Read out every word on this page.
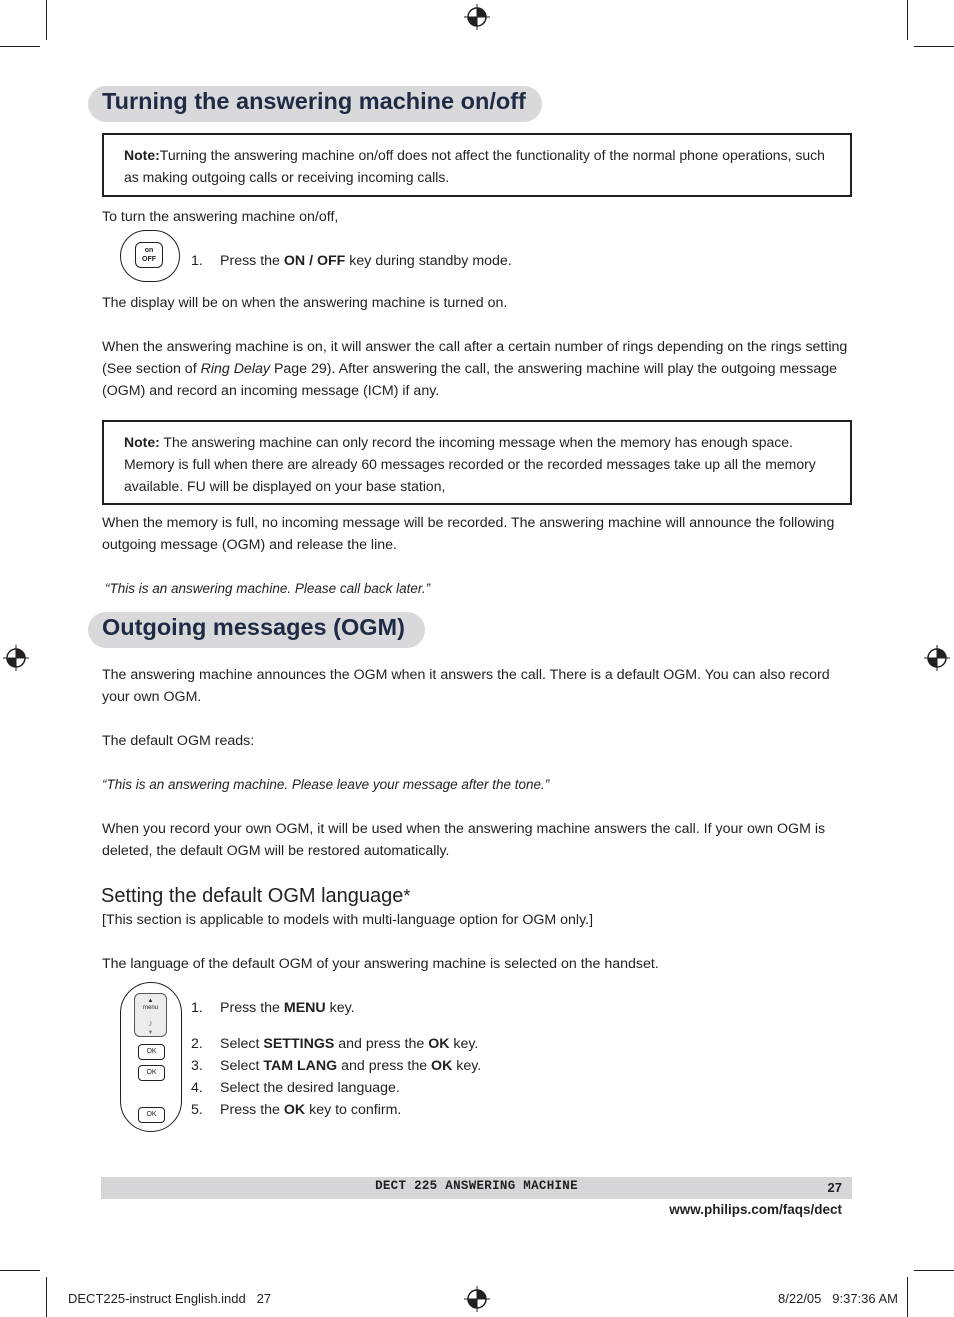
Turning the answering machine on/off
Note:Turning the answering machine on/off does not affect the functionality of the normal phone operations, such as making outgoing calls or receiving incoming calls.
To turn the answering machine on/off,
on
OFF	1. Press the ON / OFF key during standby mode.
The display will be on when the answering machine is turned on.
When the answering machine is on, it will answer the call after a certain number of rings depending on the rings setting (See section of Ring Delay Page 29). After answering the call, the answering machine will play the outgoing message (OGM) and record an incoming message (ICM) if any.
Note: The answering machine can only record the incoming message when the memory has enough space. Memory is full when there are already 60 messages recorded or the recorded messages take up all the memory available. FU will be displayed on your base station,
When the memory is full, no incoming message will be recorded. The answering machine will announce the following outgoing message (OGM) and release the line.
“This is an answering machine. Please call back later.”
Outgoing messages (OGM)
The answering machine announces the OGM when it answers the call. There is a default OGM. You can also record your own OGM.
The default OGM reads:
“This is an answering machine. Please leave your message after the tone.”
When you record your own OGM, it will be used when the answering machine answers the call. If your own OGM is deleted, the default OGM will be restored automatically.
Setting the default OGM language*
[This section is applicable to models with multi-language option for OGM only.]
The language of the default OGM of your answering machine is selected on the handset.
▲
menu
♪
▼
OK
OK
OK
1. Press the MENU key.
2. Select SETTINGS and press the OK key.
3. Select TAM LANG and press the OK key.
4. Select the desired language.
5. Press the OK key to confirm.
DECT 225 ANSWERING MACHINE	27
www.philips.com/faqs/dect
DECT225-instruct English.indd   27	8/22/05   9:37:36 AM
